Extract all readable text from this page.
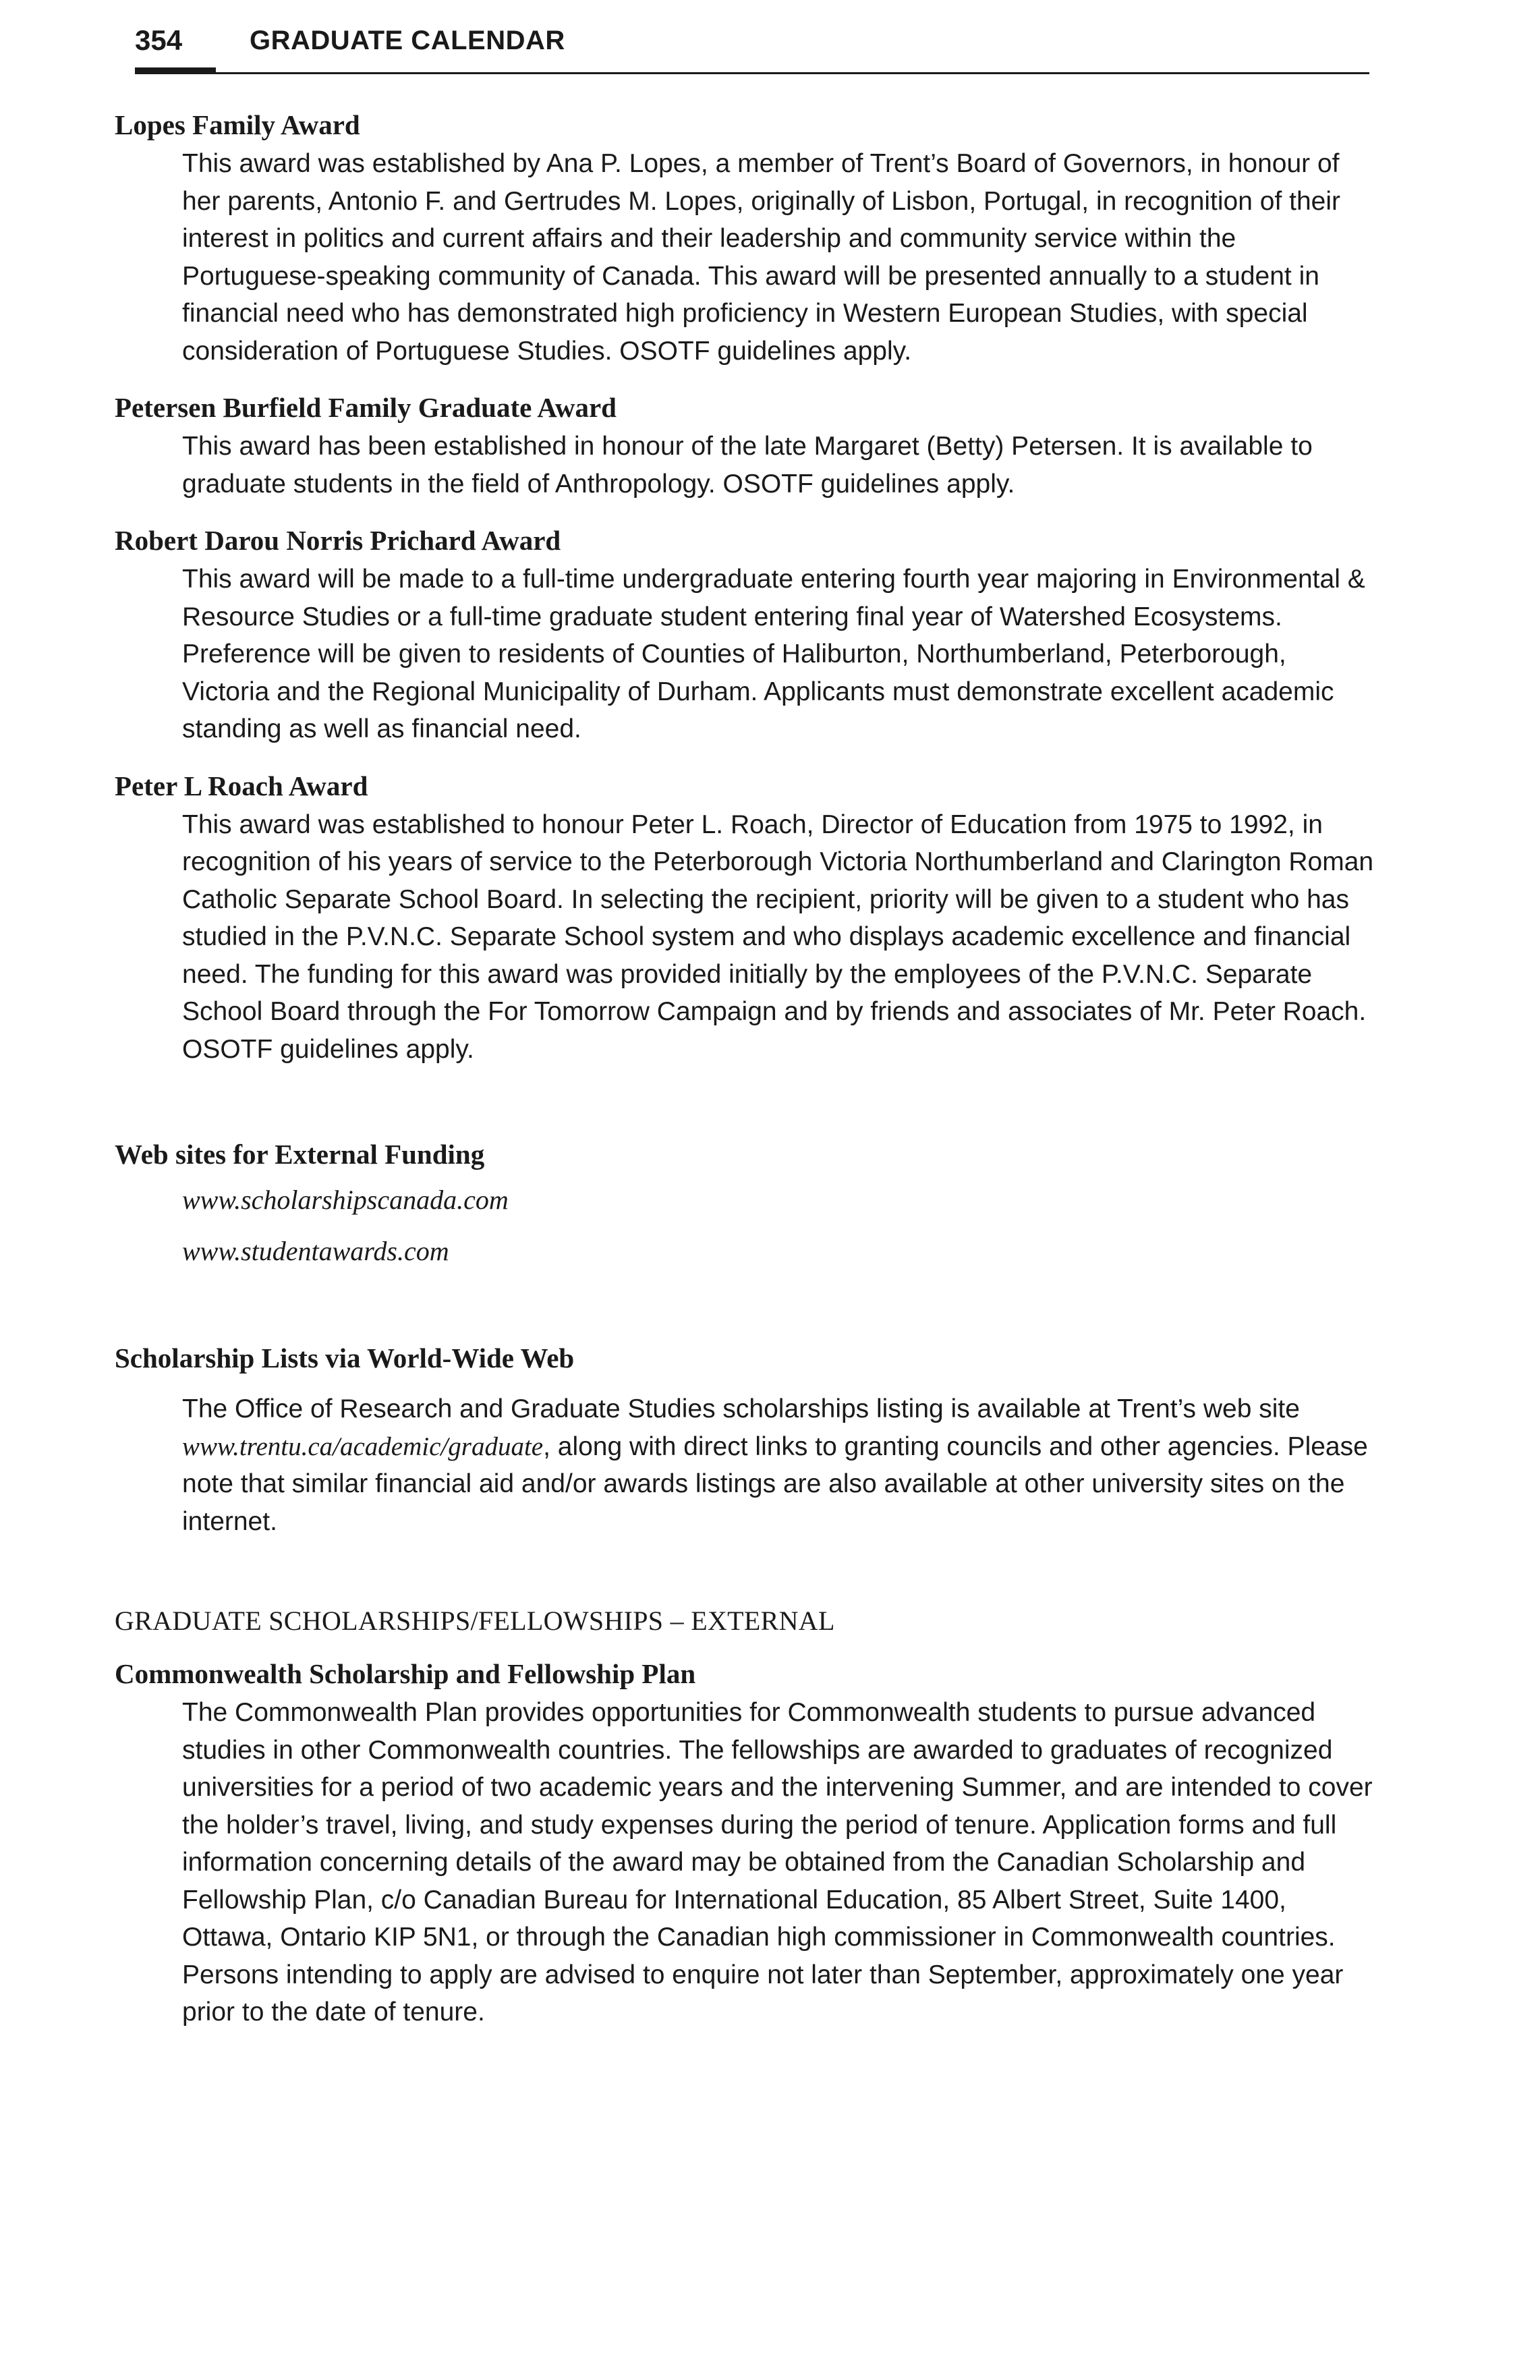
354 GRADUATE CALENDAR
Lopes Family Award

This award was established by Ana P. Lopes, a member of Trent’s Board of Governors, in honour of her parents, Antonio F. and Gertrudes M. Lopes, originally of Lisbon, Portugal, in recognition of their interest in politics and current affairs and their leadership and community service within the Portuguese-speaking community of Canada. This award will be presented annually to a student in financial need who has demonstrated high proficiency in Western European Studies, with special consideration of Portuguese Studies. OSOTF guidelines apply.

Petersen Burfield Family Graduate Award

This award has been established in honour of the late Margaret (Betty) Petersen. It is available to graduate students in the field of Anthropology. OSOTF guidelines apply.

Robert Darou Norris Prichard Award

This award will be made to a full-time undergraduate entering fourth year majoring in Environmental & Resource Studies or a full-time graduate student entering final year of Watershed Ecosystems. Preference will be given to residents of Counties of Haliburton, Northumberland, Peterborough, Victoria and the Regional Municipality of Durham. Applicants must demonstrate excellent academic standing as well as financial need.

Peter L Roach Award

This award was established to honour Peter L. Roach, Director of Education from 1975 to 1992, in recognition of his years of service to the Peterborough Victoria Northumberland and Clarington Roman Catholic Separate School Board. In selecting the recipient, priority will be given to a student who has studied in the P.V.N.C. Separate School system and who displays academic excellence and financial need. The funding for this award was provided initially by the employees of the P.V.N.C. Separate School Board through the For Tomorrow Campaign and by friends and associates of Mr. Peter Roach. OSOTF guidelines apply.

Web sites for External Funding
www.scholarshipscanada.com
www.studentawards.com
Scholarship Lists via World-Wide Web

The Office of Research and Graduate Studies scholarships listing is available at Trent’s web site www.trentu.ca/academic/graduate, along with direct links to granting councils and other agencies. Please note that similar financial aid and/or awards listings are also available at other university sites on the internet.

GRADUATE SCHOLARSHIPS/FELLOWSHIPS – EXTERNAL
Commonwealth Scholarship and Fellowship Plan

The Commonwealth Plan provides opportunities for Commonwealth students to pursue advanced studies in other Commonwealth countries. The fellowships are awarded to graduates of recognized universities for a period of two academic years and the intervening Summer, and are intended to cover the holder’s travel, living, and study expenses during the period of tenure. Application forms and full information concerning details of the award may be obtained from the Canadian Scholarship and Fellowship Plan, c/o Canadian Bureau for International Education, 85 Albert Street, Suite 1400, Ottawa, Ontario KIP 5N1, or through the Canadian high commissioner in Commonwealth countries. Persons intending to apply are advised to enquire not later than September, approximately one year prior to the date of tenure.
